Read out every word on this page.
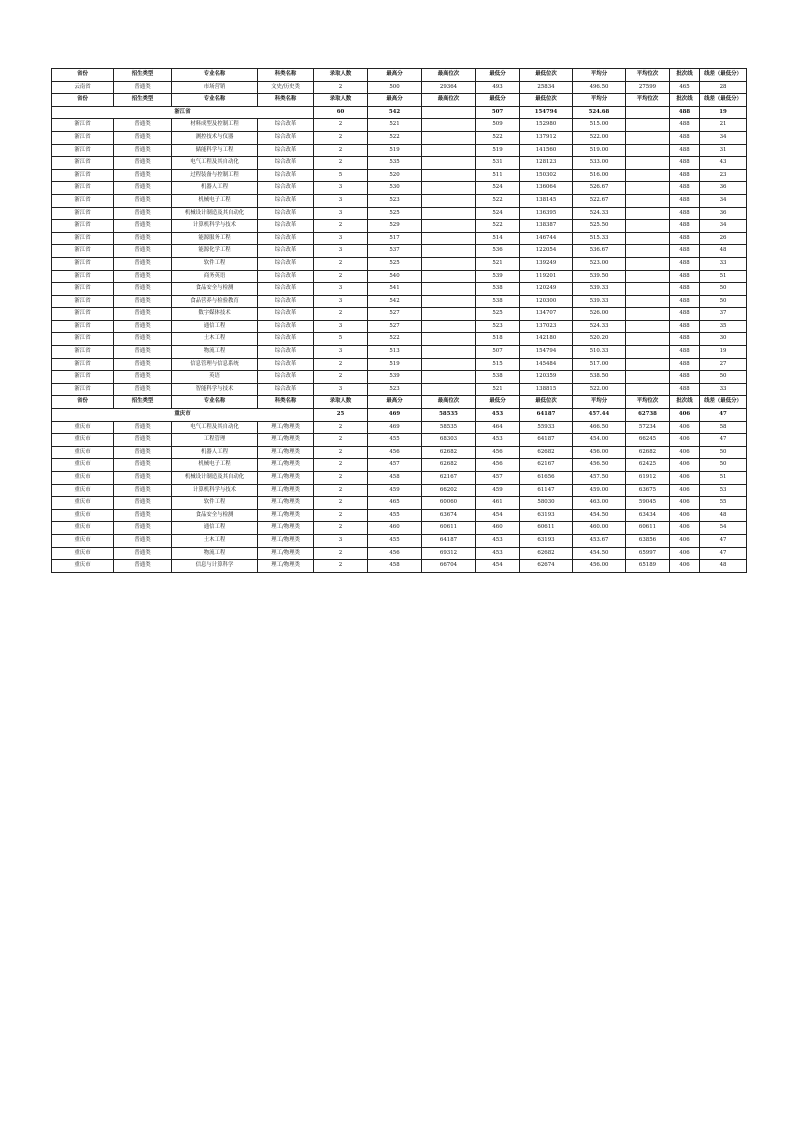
省份	招生类型	专业名称	科类名称	录取人数	最高分	最高位次	最低分	最低位次	平均分	平均位次	批次线	线差（最低分）
云南省	普通类	市场营销	文史/历史类	2	500	29364	493	25834	496.50	27599	465	28
省份	招生类型	专业名称	科类名称	录取人数	最高分	最高位次	最低分	最低位次	平均分	平均位次	批次线	线差（最低分）
浙江省				60	542		507	154794	524.68		488	19
浙江省	普通类	材料成型及控制工程	综合改革	2	521		509	152980	515.00		488	21
浙江省	普通类	测控技术与仪器	综合改革	2	522		522	137912	522.00		488	34
浙江省	普通类	储能科学与工程	综合改革	2	519		519	141560	519.00		488	31
浙江省	普通类	电气工程及其自动化	综合改革	2	535		531	128123	533.00		488	43
浙江省	普通类	过程装备与控制工程	综合改革	5	520		511	150302	516.00		488	23
浙江省	普通类	机器人工程	综合改革	3	530		524	136064	526.67		488	36
浙江省	普通类	机械电子工程	综合改革	3	523		522	138145	522.67		488	34
浙江省	普通类	机械设计制造及其自动化	综合改革	3	525		524	136395	524.33		488	36
浙江省	普通类	计算机科学与技术	综合改革	2	529		522	138387	525.50		488	34
浙江省	普通类	能源服务工程	综合改革	3	517		514	146744	515.33		488	26
浙江省	普通类	能源化学工程	综合改革	3	537		536	122054	536.67		488	48
浙江省	普通类	软件工程	综合改革	2	525		521	139249	523.00		488	33
浙江省	普通类	商务英语	综合改革	2	540		539	119201	539.50		488	51
浙江省	普通类	食品安全与检测	综合改革	3	541		538	120249	539.33		488	50
浙江省	普通类	食品营养与检验教育	综合改革	3	542		538	120300	539.33		488	50
浙江省	普通类	数字媒体技术	综合改革	2	527		525	134707	526.00		488	37
浙江省	普通类	通信工程	综合改革	3	527		523	137023	524.33		488	35
浙江省	普通类	土木工程	综合改革	5	522		518	142180	520.20		488	30
浙江省	普通类	物流工程	综合改革	3	513		507	154794	510.33		488	19
浙江省	普通类	信息管理与信息系统	综合改革	2	519		515	145484	517.00		488	27
浙江省	普通类	英语	综合改革	2	539		538	120359	538.50		488	50
浙江省	普通类	智能科学与技术	综合改革	3	523		521	138815	522.00		488	33
省份	招生类型	专业名称	科类名称	录取人数	最高分	最高位次	最低分	最低位次	平均分	平均位次	批次线	线差（最低分）
重庆市				25	469	58535	453	64187	457.44	62738	406	47
重庆市	普通类	电气工程及其自动化	理工/物理类	2	469	58535	464	55933	466.50	57234	406	58
重庆市	普通类	工程管理	理工/物理类	2	455	68303	453	64187	454.00	66245	406	47
重庆市	普通类	机器人工程	理工/物理类	2	456	62682	456	62682	456.00	62682	406	50
重庆市	普通类	机械电子工程	理工/物理类	2	457	62682	456	62167	456.50	62425	406	50
重庆市	普通类	机械设计制造及其自动化	理工/物理类	2	458	62167	457	61656	457.50	61912	406	51
重庆市	普通类	计算机科学与技术	理工/物理类	2	459	66202	459	61147	459.00	63675	406	53
重庆市	普通类	软件工程	理工/物理类	2	465	60060	461	58030	463.00	59045	406	55
重庆市	普通类	食品安全与检测	理工/物理类	2	455	63674	454	63193	454.50	63434	406	48
重庆市	普通类	通信工程	理工/物理类	2	460	60611	460	60611	460.00	60611	406	54
重庆市	普通类	土木工程	理工/物理类	3	455	64187	453	63193	453.67	63856	406	47
重庆市	普通类	物流工程	理工/物理类	2	456	69312	453	62682	454.50	65997	406	47
重庆市	普通类	信息与计算科学	理工/物理类	2	458	66704	454	62674	456.00	65189	406	48
